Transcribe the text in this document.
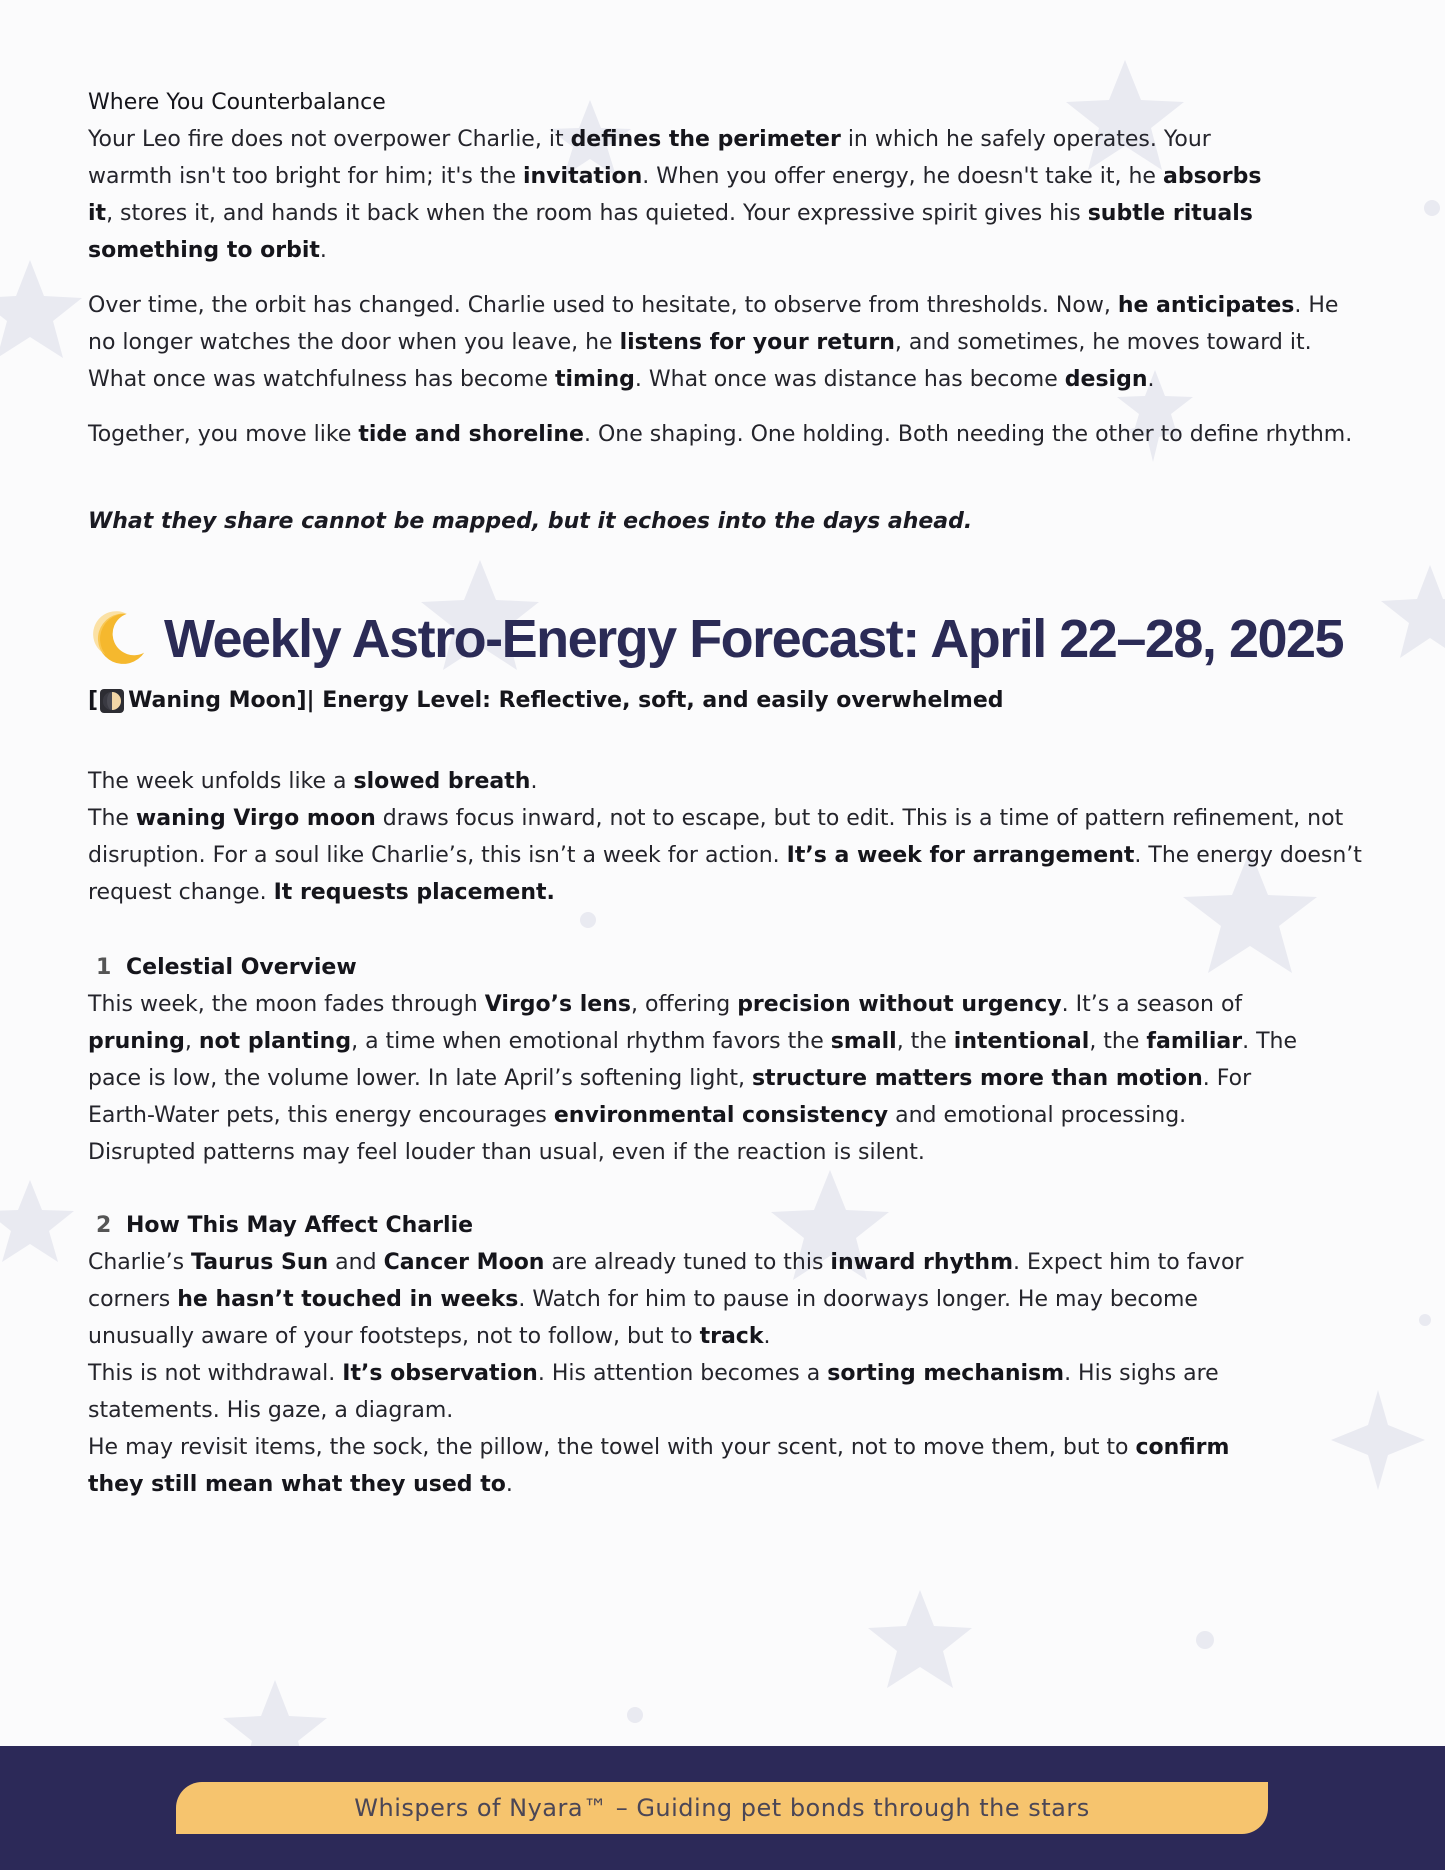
Where You Counterbalance

Your Leo fire does not overpower Charlie, it defines the perimeter in which he safely operates. Your
warmth isn't too bright for him; it's the invitation. When you offer energy, he doesn't take it, he absorbs
it, stores it, and hands it back when the room has quieted. Your expressive spirit gives his subtle rituals
something to orbit.

Over time, the orbit has changed. Charlie used to hesitate, to observe from thresholds. Now, he anticipates. He
no longer watches the door when you leave, he listens for your return, and sometimes, he moves toward it.
What once was watchfulness has become timing. What once was distance has become design.

Together, you move like tide and shoreline. One shaping. One holding. Both needing the other to define rhythm.

What they share cannot be mapped, but it echoes into the days ahead.

Weekly Astro-Energy Forecast: April 22–28, 2025

[ Waning Moon] | Energy Level: Reflective, soft, and easily overwhelmed

The week unfolds like a slowed breath.
The waning Virgo moon draws focus inward, not to escape, but to edit. This is a time of pattern refinement, not
disruption. For a soul like Charlie’s, this isn’t a week for action. It’s a week for arrangement. The energy doesn’t
request change. It requests placement.

1 Celestial Overview

This week, the moon fades through Virgo’s lens, offering precision without urgency. It’s a season of
pruning, not planting, a time when emotional rhythm favors the small, the intentional, the familiar. The
pace is low, the volume lower. In late April’s softening light, structure matters more than motion. For
Earth-Water pets, this energy encourages environmental consistency and emotional processing.
Disrupted patterns may feel louder than usual, even if the reaction is silent.

2 How This May Affect Charlie

Charlie’s Taurus Sun and Cancer Moon are already tuned to this inward rhythm. Expect him to favor
corners he hasn’t touched in weeks. Watch for him to pause in doorways longer. He may become
unusually aware of your footsteps, not to follow, but to track.
This is not withdrawal. It’s observation. His attention becomes a sorting mechanism. His sighs are
statements. His gaze, a diagram.
He may revisit items, the sock, the pillow, the towel with your scent, not to move them, but to confirm
they still mean what they used to.

Whispers of Nyara™ – Guiding pet bonds through the stars
